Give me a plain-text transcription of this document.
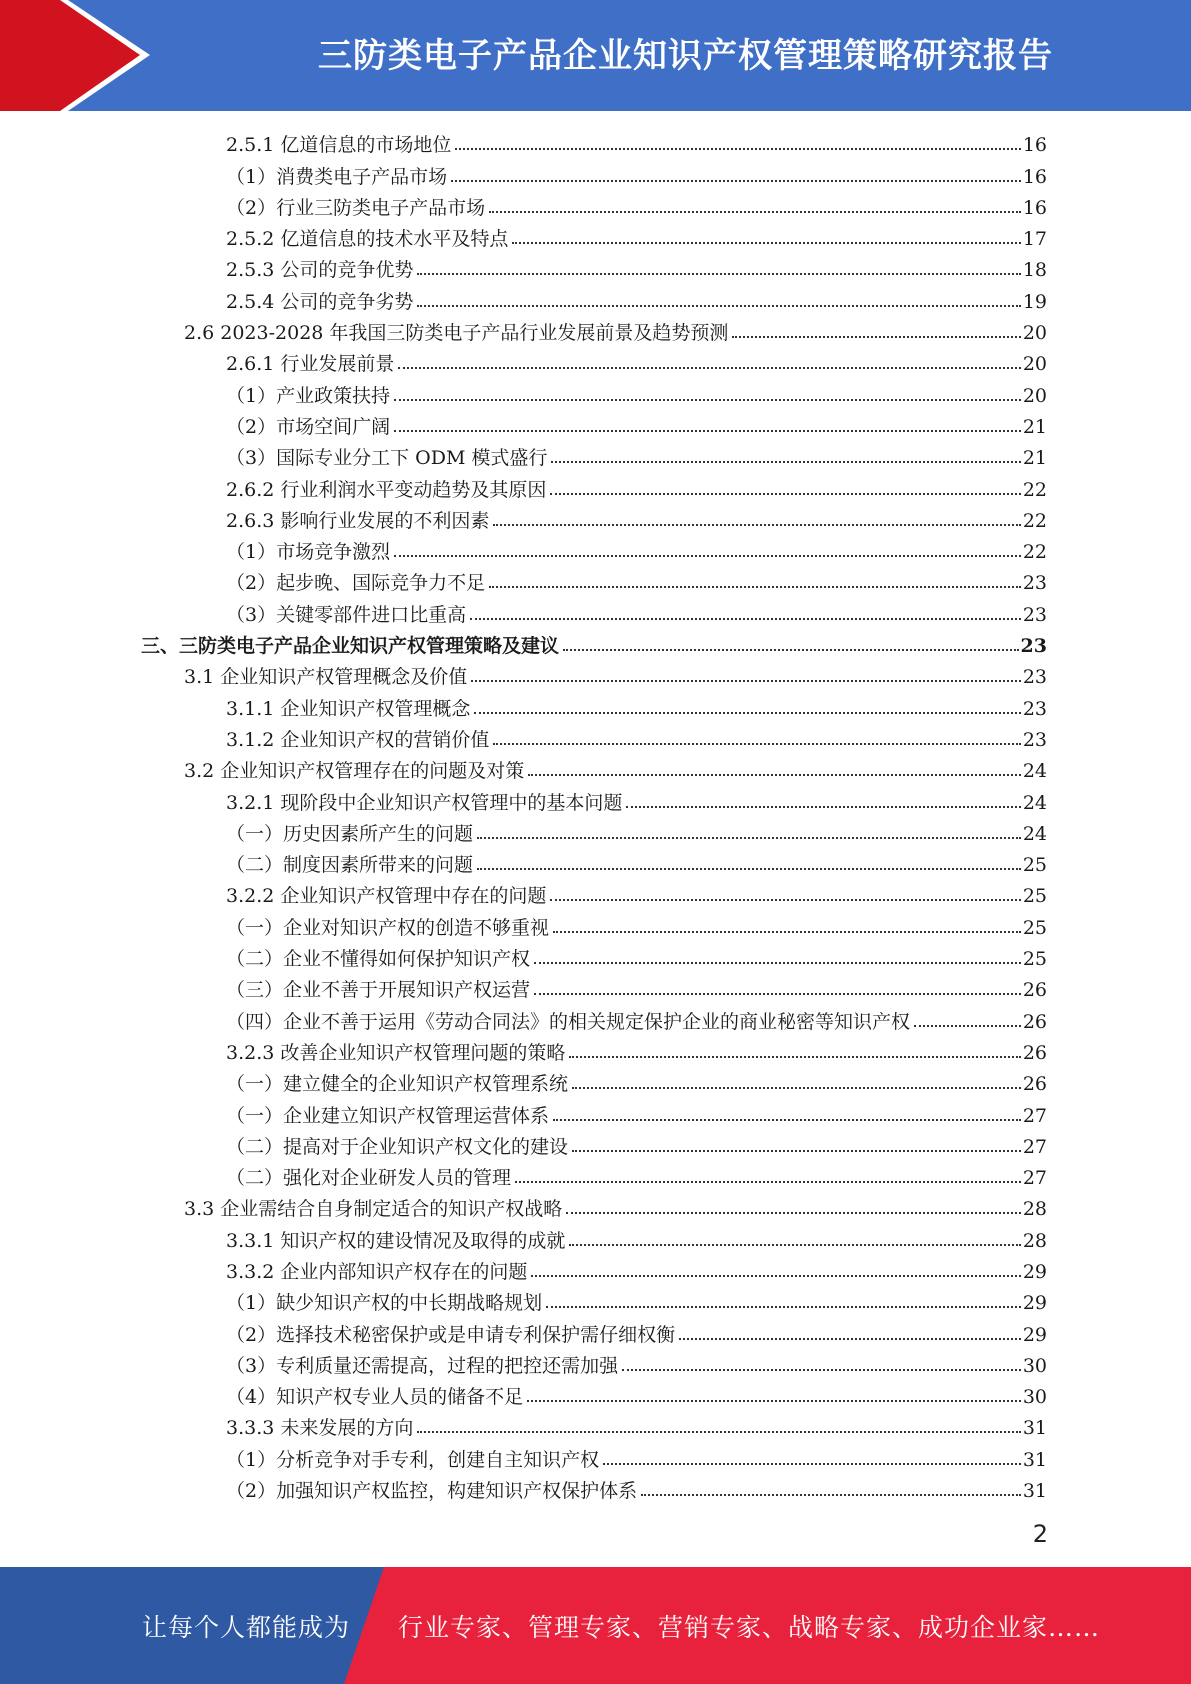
三防类电子产品企业知识产权管理策略研究报告
2.5.1 亿道信息的市场地位	16
（1）消费类电子产品市场	16
（2）行业三防类电子产品市场	16
2.5.2 亿道信息的技术水平及特点	17
2.5.3 公司的竞争优势	18
2.5.4 公司的竞争劣势	19
2.6 2023-2028 年我国三防类电子产品行业发展前景及趋势预测	20
2.6.1 行业发展前景	20
（1）产业政策扶持	20
（2）市场空间广阔	21
（3）国际专业分工下 ODM 模式盛行	21
2.6.2 行业利润水平变动趋势及其原因	22
2.6.3 影响行业发展的不利因素	22
（1）市场竞争激烈	22
（2）起步晚、国际竞争力不足	23
（3）关键零部件进口比重高	23
三、三防类电子产品企业知识产权管理策略及建议	23
3.1 企业知识产权管理概念及价值	23
3.1.1 企业知识产权管理概念	23
3.1.2 企业知识产权的营销价值	23
3.2 企业知识产权管理存在的问题及对策	24
3.2.1 现阶段中企业知识产权管理中的基本问题	24
（一）历史因素所产生的问题	24
（二）制度因素所带来的问题	25
3.2.2 企业知识产权管理中存在的问题	25
（一）企业对知识产权的创造不够重视	25
（二）企业不懂得如何保护知识产权	25
（三）企业不善于开展知识产权运营	26
（四）企业不善于运用《劳动合同法》的相关规定保护企业的商业秘密等知识产权	26
3.2.3 改善企业知识产权管理问题的策略	26
（一）建立健全的企业知识产权管理系统	26
（一）企业建立知识产权管理运营体系	27
（二）提高对于企业知识产权文化的建设	27
（二）强化对企业研发人员的管理	27
3.3 企业需结合自身制定适合的知识产权战略	28
3.3.1 知识产权的建设情况及取得的成就	28
3.3.2 企业内部知识产权存在的问题	29
（1）缺少知识产权的中长期战略规划	29
（2）选择技术秘密保护或是申请专利保护需仔细权衡	29
（3）专利质量还需提高，过程的把控还需加强	30
（4）知识产权专业人员的储备不足	30
3.3.3 未来发展的方向	31
（1）分析竞争对手专利，创建自主知识产权	31
（2）加强知识产权监控，构建知识产权保护体系	31
2
让每个人都能成为 行业专家、管理专家、营销专家、战略专家、成功企业家……
